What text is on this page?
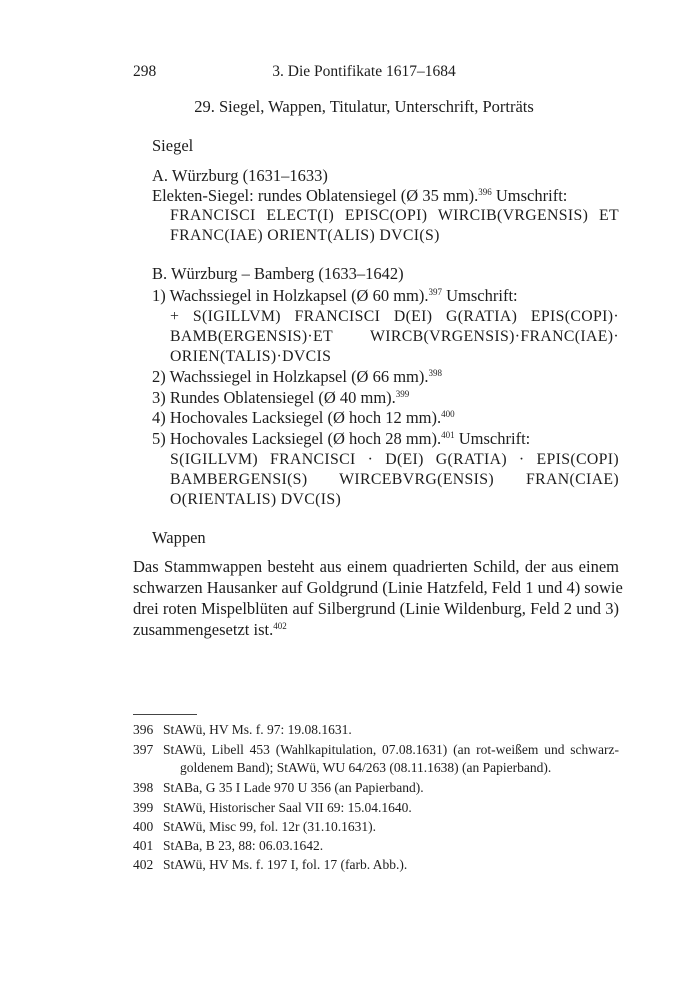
298	3. Die Pontifikate 1617–1684
29. Siegel, Wappen, Titulatur, Unterschrift, Porträts
Siegel
A. Würzburg (1631–1633)
Elekten-Siegel: rundes Oblatensiegel (Ø 35 mm).$^{396}$ Umschrift:
FRANCISCI ELECT(I) EPISC(OPI) WIRCIB(VRGENSIS) ET
FRANC(IAE) ORIENT(ALIS) DVCI(S)
B. Würzburg – Bamberg (1633–1642)
1) Wachssiegel in Holzkapsel (Ø 60 mm).$^{397}$ Umschrift:
+ S(IGILLVM) FRANCISCI D(EI) G(RATIA) EPIS(COPI)·
BAMB(ERGENSIS)·ET WIRCB(VRGENSIS)·FRANC(IAE)·
ORIEN(TALIS)·DVCIS
2) Wachssiegel in Holzkapsel (Ø 66 mm).$^{398}$
3) Rundes Oblatensiegel (Ø 40 mm).$^{399}$
4) Hochovales Lacksiegel (Ø hoch 12 mm).$^{400}$
5) Hochovales Lacksiegel (Ø hoch 28 mm).$^{401}$ Umschrift:
S(IGILLVM) FRANCISCI · D(EI) G(RATIA) · EPIS(COPI)
BAMBERGENSI(S) WIRCEBVRG(ENSIS) FRAN(CIAE)
O(RIENTALIS) DVC(IS)
Wappen
Das Stammwappen besteht aus einem quadrierten Schild, der aus einem
schwarzen Hausanker auf Goldgrund (Linie Hatzfeld, Feld 1 und 4) sowie
drei roten Mispelblüten auf Silbergrund (Linie Wildenburg, Feld 2 und 3)
zusammengesetzt ist.$^{402}$
396 StAWü, HV Ms. f. 97: 19.08.1631.
397 StAWü, Libell 453 (Wahlkapitulation, 07.08.1631) (an rot-weißem und schwarz-
goldenem Band); StAWü, WU 64/263 (08.11.1638) (an Papierband).
398 StABa, G 35 I Lade 970 U 356 (an Papierband).
399 StAWü, Historischer Saal VII 69: 15.04.1640.
400 StAWü, Misc 99, fol. 12r (31.10.1631).
401 StABa, B 23, 88: 06.03.1642.
402 StAWü, HV Ms. f. 197 I, fol. 17 (farb. Abb.).
